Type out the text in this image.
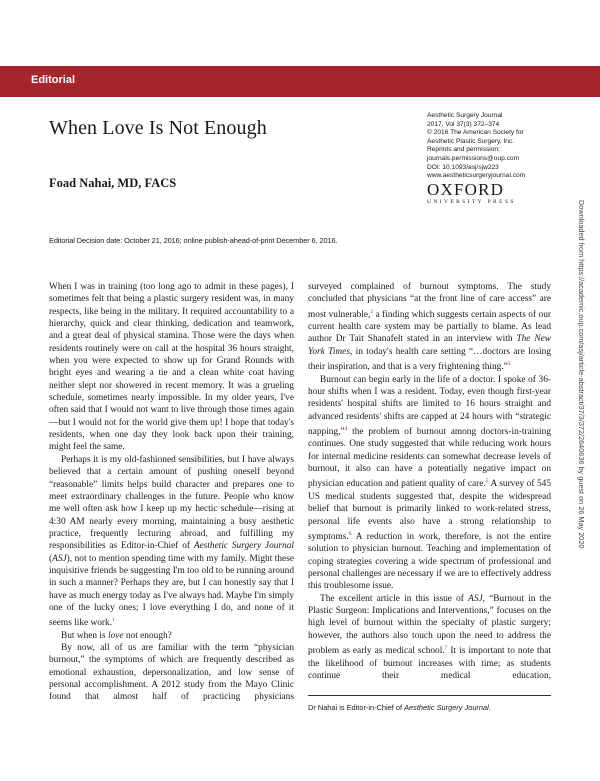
Editorial
When Love Is Not Enough
Foad Nahai, MD, FACS
Aesthetic Surgery Journal
2017, Vol 37(3) 372–374
© 2016 The American Society for
Aesthetic Plastic Surgery, Inc.
Reprints and permission:
journals.permissions@oup.com
DOI: 10.1093/asj/sjw223
www.aestheticsurgeryjournal.com
OXFORD
UNIVERSITY PRESS
Editorial Decision date: October 21, 2016; online publish-ahead-of-print December 6, 2016.

When I was in training (too long ago to admit in these pages), I sometimes felt that being a plastic surgery resident was, in many respects, like being in the military. It required accountability to a hierarchy, quick and clear thinking, dedication and teamwork, and a great deal of physical stamina. Those were the days when residents routinely were on call at the hospital 36 hours straight, when you were expected to show up for Grand Rounds with bright eyes and wearing a tie and a clean white coat having neither slept nor showered in recent memory. It was a grueling schedule, sometimes nearly impossible. In my older years, I've often said that I would not want to live through those times again—but I would not for the world give them up! I hope that today's residents, when one day they look back upon their training, might feel the same.

Perhaps it is my old-fashioned sensibilities, but I have always believed that a certain amount of pushing oneself beyond “reasonable” limits helps build character and prepares one to meet extraordinary challenges in the future. People who know me well often ask how I keep up my hectic schedule—rising at 4:30 AM nearly every morning, maintaining a busy aesthetic practice, frequently lecturing abroad, and fulfilling my responsibilities as Editor-in-Chief of Aesthetic Surgery Journal (ASJ), not to mention spending time with my family. Might these inquisitive friends be suggesting I'm too old to be running around in such a manner? Perhaps they are, but I can honestly say that I have as much energy today as I've always had. Maybe I'm simply one of the lucky ones; I love everything I do, and none of it seems like work.$^1$

But when is love not enough?

By now, all of us are familiar with the term “physician burnout,” the symptoms of which are frequently described as emotional exhaustion, depersonalization, and low sense of personal accomplishment. A 2012 study from the Mayo Clinic found that almost half of practicing physicians

surveyed complained of burnout symptoms. The study concluded that physicians “at the front line of care access” are most vulnerable,$^2$ a finding which suggests certain aspects of our current health care system may be partially to blame. As lead author Dr Tait Shanafelt stated in an interview with The New York Times, in today's health care setting “…doctors are losing their inspiration, and that is a very frightening thing.”$^3$

Burnout can begin early in the life of a doctor. I spoke of 36-hour shifts when I was a resident. Today, even though first-year residents' hospital shifts are limited to 16 hours straight and advanced residents' shifts are capped at 24 hours with “strategic napping,”$^4$ the problem of burnout among doctors-in-training continues. One study suggested that while reducing work hours for internal medicine residents can somewhat decrease levels of burnout, it also can have a potentially negative impact on physician education and patient quality of care.$^5$ A survey of 545 US medical students suggested that, despite the widespread belief that burnout is primarily linked to work-related stress, personal life events also have a strong relationship to symptoms.$^6$ A reduction in work, therefore, is not the entire solution to physician burnout. Teaching and implementation of coping strategies covering a wide spectrum of professional and personal challenges are necessary if we are to effectively address this troublesome issue.

The excellent article in this issue of ASJ, “Burnout in the Plastic Surgeon: Implications and Interventions,” focuses on the high level of burnout within the specialty of plastic surgery; however, the authors also touch upon the need to address the problem as early as medical school.$^7$ It is important to note that the likelihood of burnout increases with time; as students continue their medical education,

Dr Nahai is Editor-in-Chief of Aesthetic Surgery Journal.
Downloaded from https://academic.oup.com/asj/article-abstract/37/3/372/2640636 by guest on 26 May 2020
